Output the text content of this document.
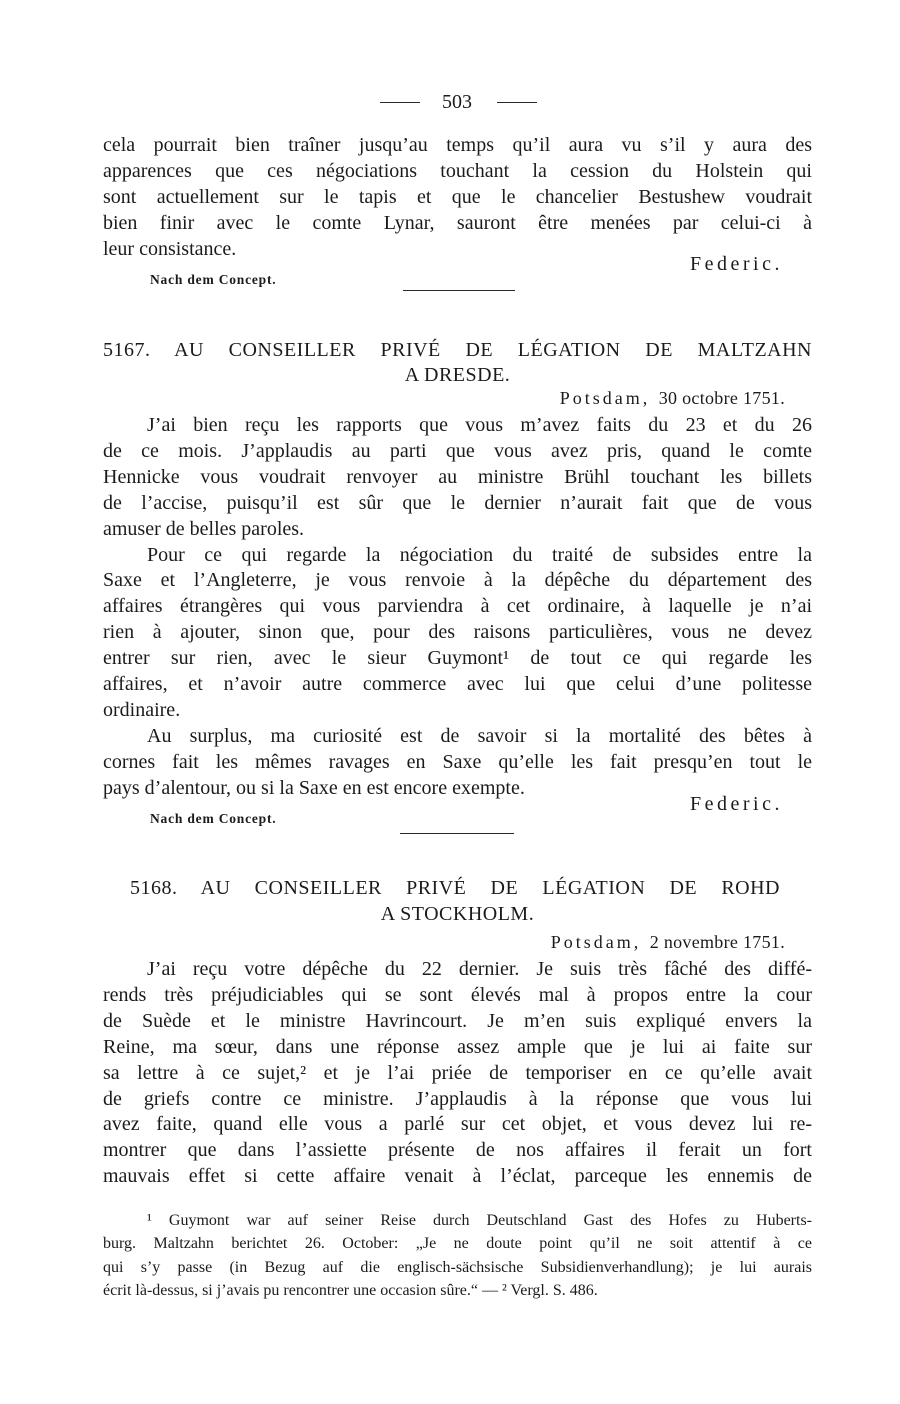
503
cela pourrait bien traîner jusqu’au temps qu’il aura vu s’il y aura des
apparences que ces négociations touchant la cession du Holstein qui
sont actuellement sur le tapis et que le chancelier Bestushew voudrait
bien finir avec le comte Lynar, sauront être menées par celui-ci à
leur consistance.
Federic.
Nach dem Concept.
5167. AU CONSEILLER PRIVÉ DE LÉGATION DE MALTZAHN
A DRESDE.
Potsdam, 30 octobre 1751.
J’ai bien reçu les rapports que vous m’avez faits du 23 et du 26
de ce mois. J’applaudis au parti que vous avez pris, quand le comte
Hennicke vous voudrait renvoyer au ministre Brühl touchant les billets
de l’accise, puisqu’il est sûr que le dernier n’aurait fait que de vous
amuser de belles paroles.
Pour ce qui regarde la négociation du traité de subsides entre la
Saxe et l’Angleterre, je vous renvoie à la dépêche du département des
affaires étrangères qui vous parviendra à cet ordinaire, à laquelle je n’ai
rien à ajouter, sinon que, pour des raisons particulières, vous ne devez
entrer sur rien, avec le sieur Guymont¹ de tout ce qui regarde les
affaires, et n’avoir autre commerce avec lui que celui d’une politesse
ordinaire.
Au surplus, ma curiosité est de savoir si la mortalité des bêtes à
cornes fait les mêmes ravages en Saxe qu’elle les fait presqu’en tout le
pays d’alentour, ou si la Saxe en est encore exempte.
Federic.
Nach dem Concept.
5168. AU CONSEILLER PRIVÉ DE LÉGATION DE ROHD
A STOCKHOLM.
Potsdam, 2 novembre 1751.
J’ai reçu votre dépêche du 22 dernier. Je suis très fâché des diffé-
rends très préjudiciables qui se sont élevés mal à propos entre la cour
de Suède et le ministre Havrincourt. Je m’en suis expliqué envers la
Reine, ma sœur, dans une réponse assez ample que je lui ai faite sur
sa lettre à ce sujet,² et je l’ai priée de temporiser en ce qu’elle avait
de griefs contre ce ministre. J’applaudis à la réponse que vous lui
avez faite, quand elle vous a parlé sur cet objet, et vous devez lui re-
montrer que dans l’assiette présente de nos affaires il ferait un fort
mauvais effet si cette affaire venait à l’éclat, parceque les ennemis de
¹ Guymont war auf seiner Reise durch Deutschland Gast des Hofes zu Huberts-
burg. Maltzahn berichtet 26. October: „Je ne doute point qu’il ne soit attentif à ce
qui s’y passe (in Bezug auf die englisch-sächsische Subsidienverhandlung); je lui aurais
écrit là-dessus, si j’avais pu rencontrer une occasion sûre.“ — ² Vergl. S. 486.
